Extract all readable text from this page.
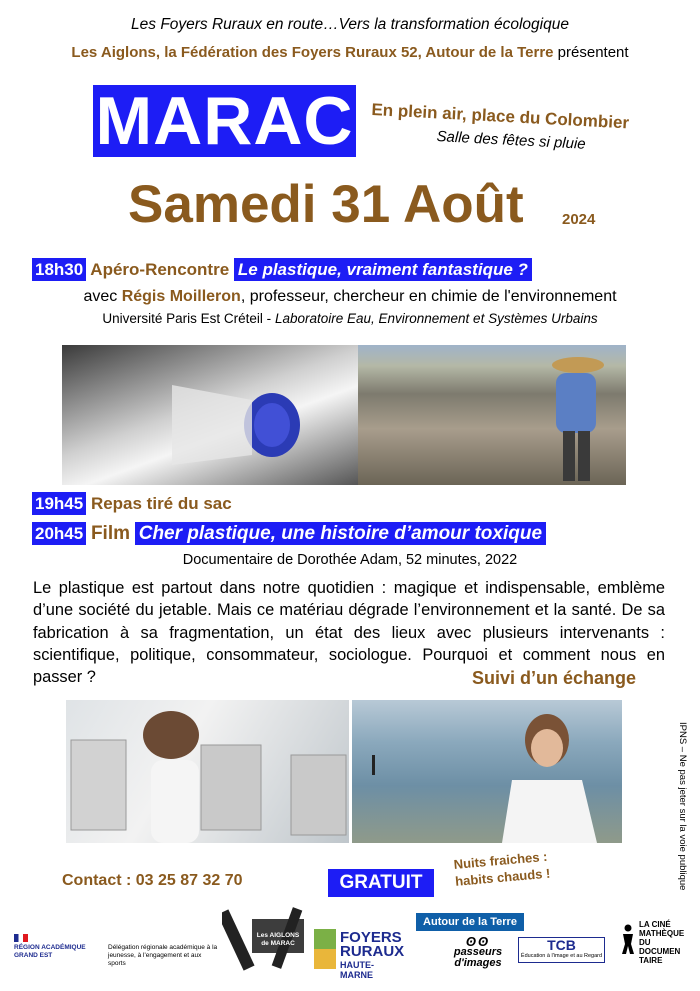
Les Foyers Ruraux en route…Vers la transformation écologique
Les Aiglons, la Fédération des Foyers Ruraux 52, Autour de la Terre présentent
MARAC En plein air, place du Colombier
Salle des fêtes si pluie
Samedi 31 Août	2024
18h30 Apéro-Rencontre Le plastique, vraiment fantastique ?
avec Régis Moilleron, professeur, chercheur en chimie de l'environnement
Université Paris Est Créteil - Laboratoire Eau, Environnement et Systèmes Urbains
19h45 Repas tiré du sac
20h45 Film Cher plastique, une histoire d’amour toxique
Documentaire de Dorothée Adam, 52 minutes, 2022
Le plastique est partout dans notre quotidien : magique et indispensable, emblème d’une société du jetable. Mais ce matériau dégrade l’environnement et la santé. De sa fabrication à sa fragmentation, un état des lieux avec plusieurs intervenants : scientifique, politique, consommateur, sociologue. Pourquoi et comment nous en passer ?	Suivi d’un échange
IPNS – Ne pas jeter sur la voie publique
Contact : 03 25 87 32 70	GRATUIT
Nuits fraiches : habits chauds !
RÉGION ACADÉMIQUE GRAND EST
Délégation régionale académique à la jeunesse, à l'engagement et aux sports
Les AIGLONS de MARAC	FOYERS
RURAUX
HAUTE-MARNE
Autour de la Terre
ʘʘ
passeurs d'images
TCB
Éducation à l'image et au Regard
LA CINÉ MATHÈQUE DU DOCUMEN TAIRE
